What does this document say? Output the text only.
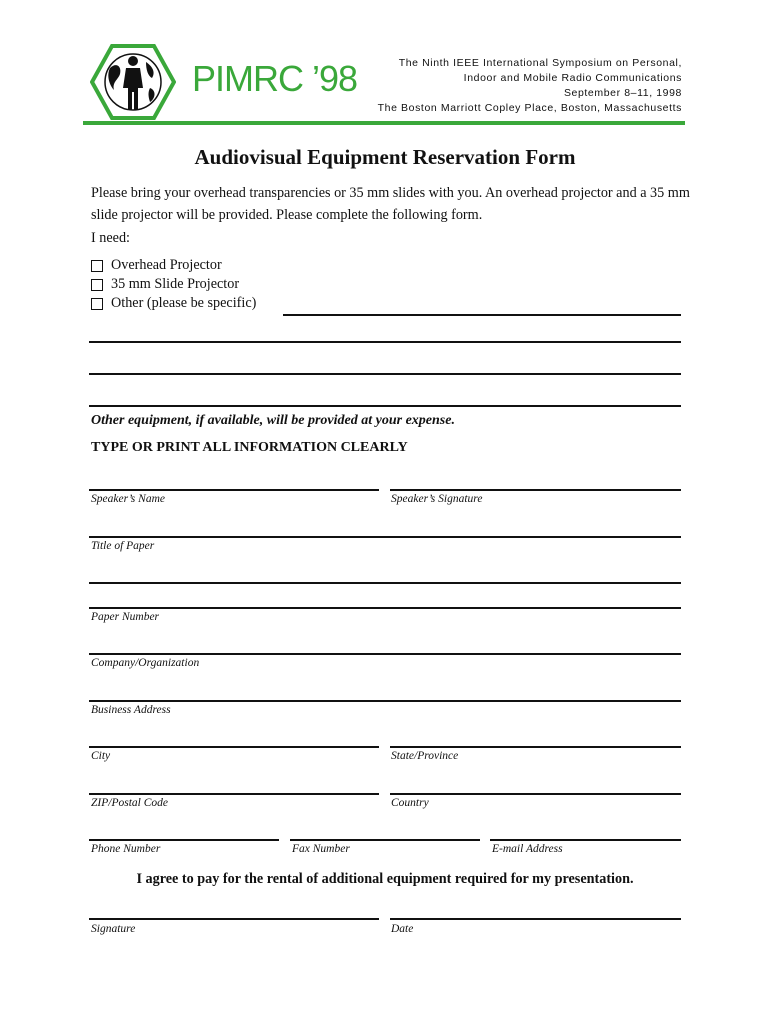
PIMRC ’98	The Ninth IEEE International Symposium on Personal,
Indoor and Mobile Radio Communications
September 8–11, 1998
The Boston Marriott Copley Place, Boston, Massachusetts
Audiovisual Equipment Reservation Form
Please bring your overhead transparencies or 35 mm slides with you. An overhead projector and a 35 mm slide projector will be provided. Please complete the following form.
I need:
Overhead Projector
35 mm Slide Projector
Other (please be specific)
Other equipment, if available, will be provided at your expense.
TYPE OR PRINT ALL INFORMATION CLEARLY
Speaker’s Name	Speaker’s Signature
Title of Paper
Paper Number
Company/Organization
Business Address
City	State/Province
ZIP/Postal Code	Country
Phone Number	Fax Number	E-mail Address
I agree to pay for the rental of additional equipment required for my presentation.
Signature	Date
